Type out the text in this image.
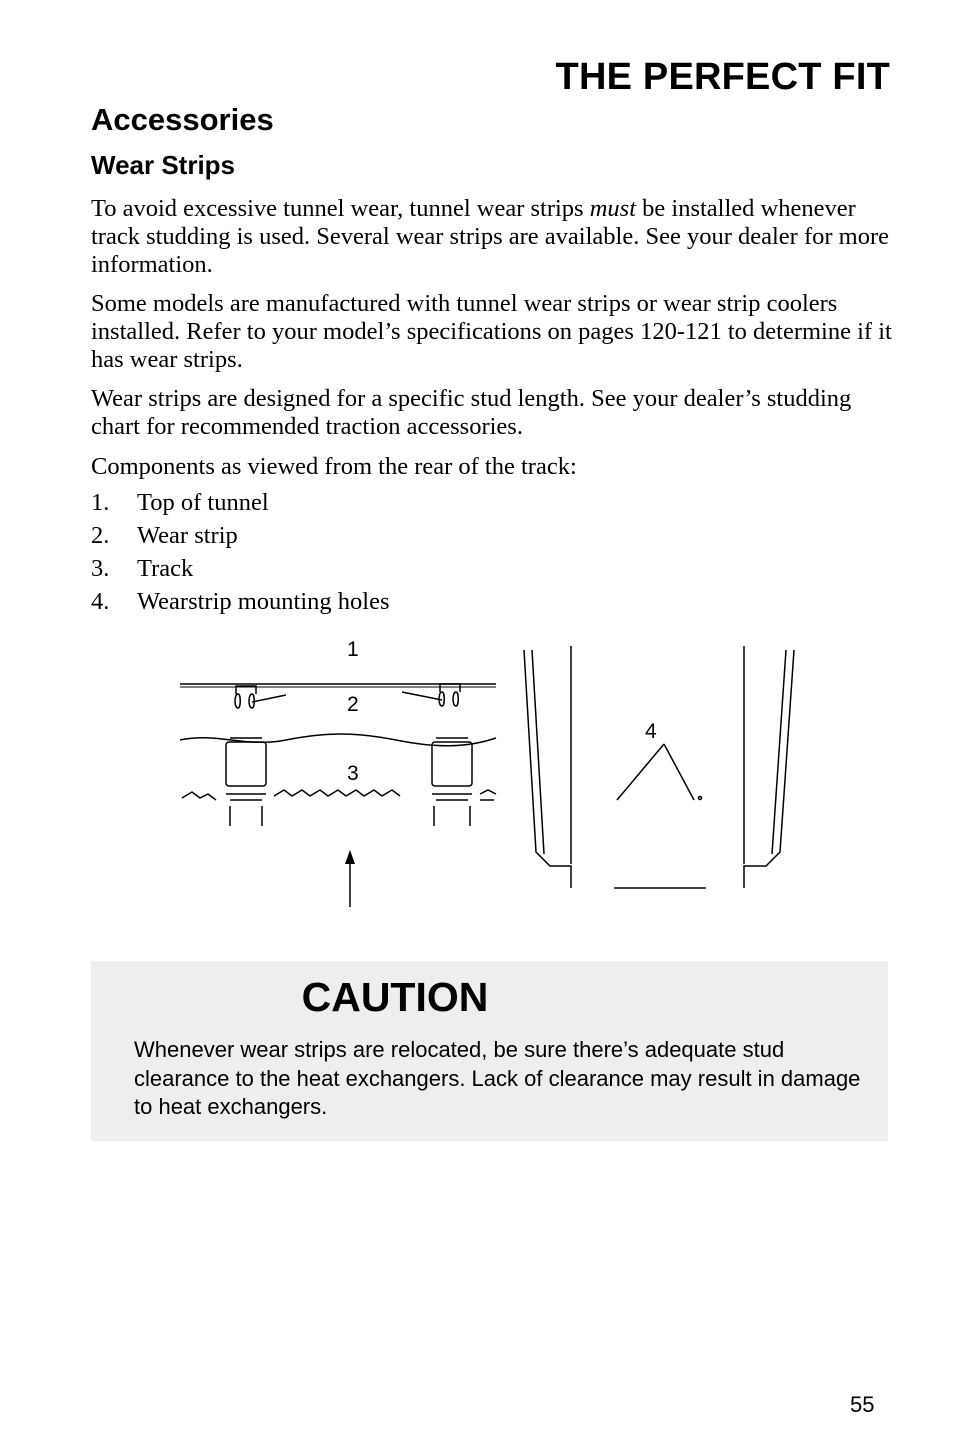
THE PERFECT FIT
Accessories
Wear Strips

To avoid excessive tunnel wear, tunnel wear strips must be installed whenever track studding is used. Several wear strips are available. See your dealer for more information.

Some models are manufactured with tunnel wear strips or wear strip coolers installed. Refer to your model’s specifications on pages 120-121 to determine if it has wear strips.

Wear strips are designed for a specific stud length. See your dealer’s studding chart for recommended traction accessories.

Components as viewed from the rear of the track:

1.	Top of tunnel
2.	Wear strip
3.	Track
4.	Wearstrip mounting holes
1
2
3
4
CAUTION

Whenever wear strips are relocated, be sure there’s adequate stud clearance to the heat exchangers. Lack of clearance may result in damage to heat exchangers.

55
